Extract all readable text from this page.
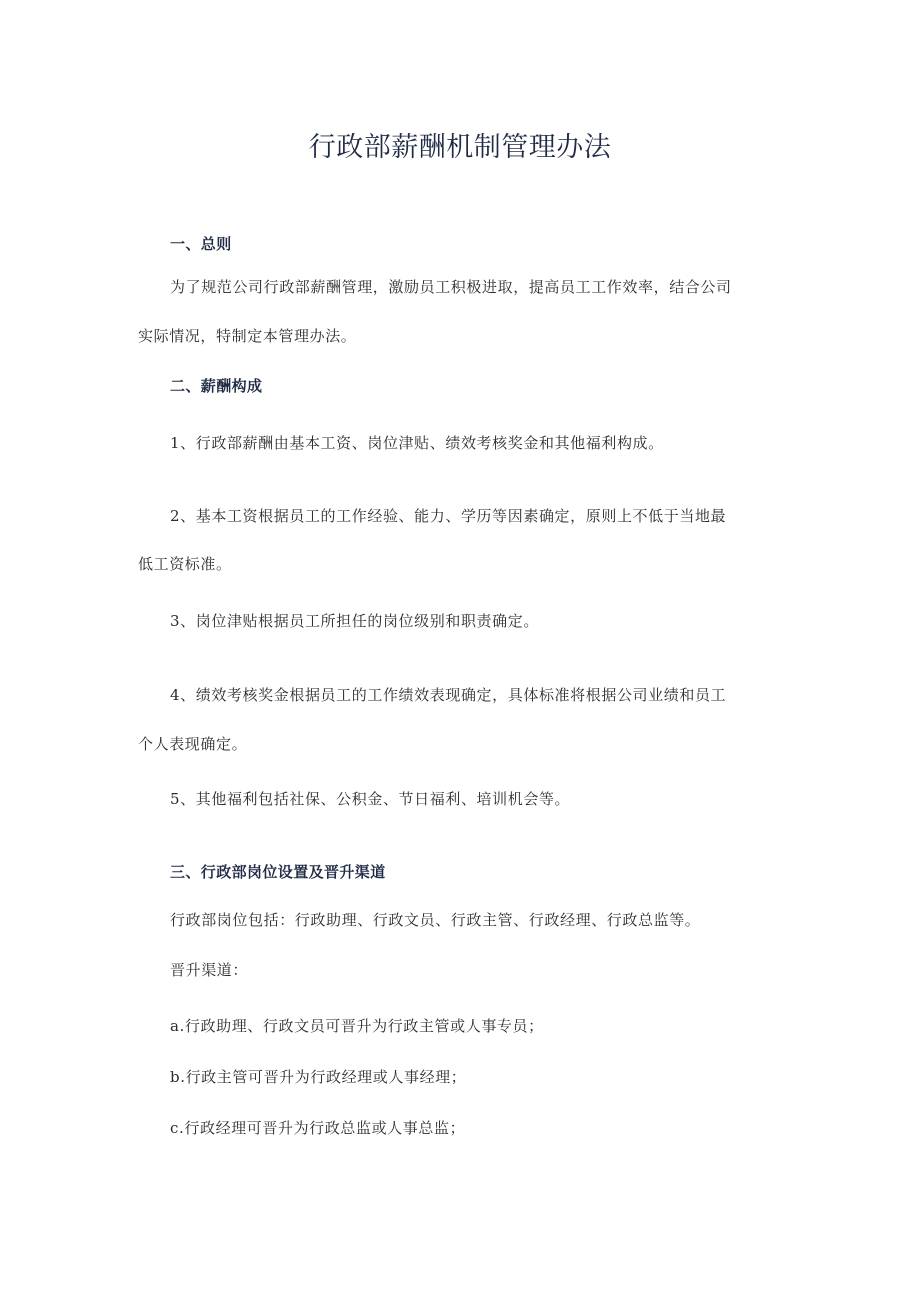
行政部薪酬机制管理办法
一、总则
为了规范公司行政部薪酬管理，激励员工积极进取，提高员工工作效率，结合公司
实际情况，特制定本管理办法。
二、薪酬构成
1、行政部薪酬由基本工资、岗位津贴、绩效考核奖金和其他福利构成。
2、基本工资根据员工的工作经验、能力、学历等因素确定，原则上不低于当地最
低工资标准。
3、岗位津贴根据员工所担任的岗位级别和职责确定。
4、绩效考核奖金根据员工的工作绩效表现确定，具体标准将根据公司业绩和员工
个人表现确定。
5、其他福利包括社保、公积金、节日福利、培训机会等。
三、行政部岗位设置及晋升渠道
行政部岗位包括：行政助理、行政文员、行政主管、行政经理、行政总监等。
晋升渠道：
a.行政助理、行政文员可晋升为行政主管或人事专员；
b.行政主管可晋升为行政经理或人事经理；
c.行政经理可晋升为行政总监或人事总监；
